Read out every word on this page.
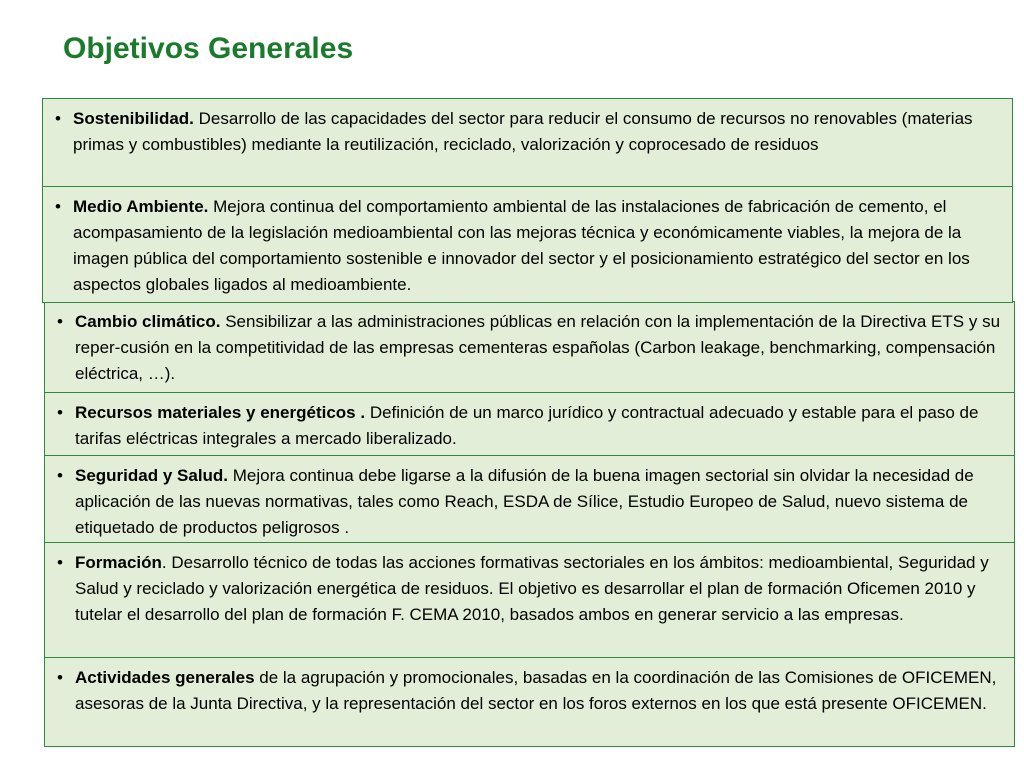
Objetivos Generales
• Sostenibilidad. Desarrollo de las capacidades del sector para reducir el consumo de recursos no renovables (materias primas y combustibles) mediante la reutilización, reciclado, valorización y coprocesado de residuos
• Medio Ambiente. Mejora continua del comportamiento ambiental de las instalaciones de fabricación de cemento, el acompasamiento de la legislación medioambiental con las mejoras técnica y económicamente viables, la mejora de la imagen pública del comportamiento sostenible e innovador del sector y el posicionamiento estratégico del sector en los aspectos globales ligados al medioambiente.
• Cambio climático. Sensibilizar a las administraciones públicas en relación con la implementación de la Directiva ETS y su reper-cusión en la competitividad de las empresas cementeras españolas (Carbon leakage, benchmarking, compensación eléctrica, …).
• Recursos materiales y energéticos . Definición de un marco jurídico y contractual adecuado y estable para el paso de tarifas eléctricas integrales a mercado liberalizado.
• Seguridad y Salud. Mejora continua debe ligarse a la difusión de la buena imagen sectorial sin olvidar la necesidad de aplicación de las nuevas normativas, tales como Reach, ESDA de Sílice, Estudio Europeo de Salud, nuevo sistema de etiquetado de productos peligrosos .
• Formación. Desarrollo técnico de todas las acciones formativas sectoriales en los ámbitos: medioambiental, Seguridad y Salud y reciclado y valorización energética de residuos. El objetivo es desarrollar el plan de formación Oficemen 2010 y tutelar el desarrollo del plan de formación F. CEMA 2010, basados ambos en generar servicio a las empresas.
• Actividades generales de la agrupación y promocionales, basadas en la coordinación de las Comisiones de OFICEMEN, asesoras de la Junta Directiva, y la representación del sector en los foros externos en los que está presente OFICEMEN.
